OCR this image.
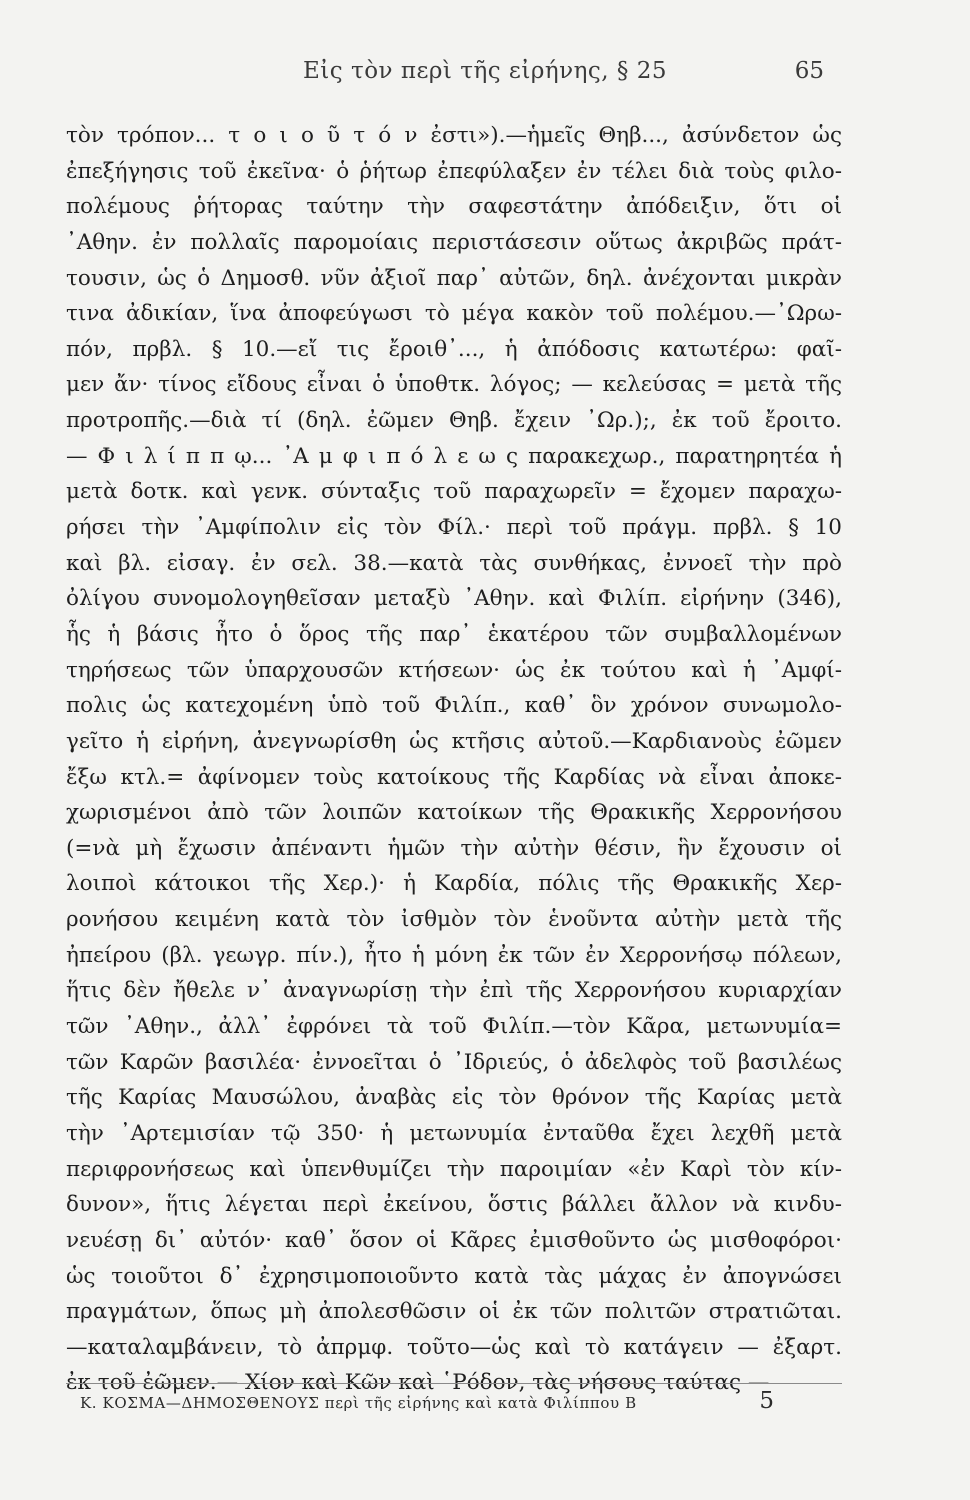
Εἰς τὸν περὶ τῆς εἰρήνης, § 25	65
τὸν τρόπον... τ ο ι ο ῦ τ ό ν ἐστι»).—ἡμεῖς Θηβ..., ἀσύνδετον ὡς
ἐπεξήγησις τοῦ ἐκεῖνα· ὁ ῥήτωρ ἐπεφύλαξεν ἐν τέλει διὰ τοὺς φιλο-
πολέμους ῥήτορας ταύτην τὴν σαφεστάτην ἀπόδειξιν, ὅτι οἱ
᾿Αθην. ἐν πολλαῖς παρομοίαις περιστάσεσιν οὕτως ἀκριβῶς πράτ-
τουσιν, ὡς ὁ Δημοσθ. νῦν ἀξιοῖ παρ᾿ αὐτῶν, δηλ. ἀνέχονται μικρὰν
τινα ἀδικίαν, ἵνα ἀποφεύγωσι τὸ μέγα κακὸν τοῦ πολέμου.—᾿Ωρω-
πόν, πρβλ. § 10.—εἴ τις ἔροιθ᾿..., ἡ ἀπόδοσις κατωτέρω: φαῖ-
μεν ἄν· τίνος εἴδους εἶναι ὁ ὑποθτκ. λόγος; — κελεύσας = μετὰ τῆς
προτροπῆς.—διὰ τί (δηλ. ἐῶμεν Θηβ. ἔχειν ᾿Ωρ.);, ἐκ τοῦ ἔροιτο.
— Φ ι λ ί π π ῳ... ᾿Α μ φ ι π ό λ ε ω ς παρακεχωρ., παρατηρητέα ἡ
μετὰ δοτκ. καὶ γενκ. σύνταξις τοῦ παραχωρεῖν = ἔχομεν παραχω-
ρήσει τὴν ᾿Αμφίπολιν εἰς τὸν Φίλ.· περὶ τοῦ πράγμ. πρβλ. § 10
καὶ βλ. εἰσαγ. ἐν σελ. 38.—κατὰ τὰς συνθήκας, ἐννοεῖ τὴν πρὸ
ὀλίγου συνομολογηθεῖσαν μεταξὺ ᾿Αθην. καὶ Φιλίπ. εἰρήνην (346),
ἧς ἡ βάσις ἦτο ὁ ὅρος τῆς παρ᾿ ἑκατέρου τῶν συμβαλλομένων
τηρήσεως τῶν ὑπαρχουσῶν κτήσεων· ὡς ἐκ τούτου καὶ ἡ ᾿Αμφί-
πολις ὡς κατεχομένη ὑπὸ τοῦ Φιλίπ., καθ᾿ ὃν χρόνον συνωμολο-
γεῖτο ἡ εἰρήνη, ἀνεγνωρίσθη ὡς κτῆσις αὐτοῦ.—Καρδιανοὺς ἐῶμεν
ἔξω κτλ.= ἀφίνομεν τοὺς κατοίκους τῆς Καρδίας νὰ εἶναι ἀποκε-
χωρισμένοι ἀπὸ τῶν λοιπῶν κατοίκων τῆς Θρακικῆς Χερρονήσου
(=νὰ μὴ ἔχωσιν ἀπέναντι ἡμῶν τὴν αὐτὴν θέσιν, ἣν ἔχουσιν οἱ
λοιποὶ κάτοικοι τῆς Χερ.)· ἡ Καρδία, πόλις τῆς Θρακικῆς Χερ-
ρονήσου κειμένη κατὰ τὸν ἰσθμὸν τὸν ἑνοῦντα αὐτὴν μετὰ τῆς
ἠπείρου (βλ. γεωγρ. πίν.), ἦτο ἡ μόνη ἐκ τῶν ἐν Χερρονήσῳ πόλεων,
ἥτις δὲν ἤθελε ν᾿ ἀναγνωρίσῃ τὴν ἐπὶ τῆς Χερρονήσου κυριαρχίαν
τῶν ᾿Αθην., ἀλλ᾿ ἐφρόνει τὰ τοῦ Φιλίπ.—τὸν Κᾶρα, μετωνυμία=
τῶν Καρῶν βασιλέα· ἐννοεῖται ὁ ᾿Ιδριεύς, ὁ ἀδελφὸς τοῦ βασιλέως
τῆς Καρίας Μαυσώλου, ἀναβὰς εἰς τὸν θρόνον τῆς Καρίας μετὰ
τὴν ᾿Αρτεμισίαν τῷ 350· ἡ μετωνυμία ἐνταῦθα ἔχει λεχθῆ μετὰ
περιφρονήσεως καὶ ὑπενθυμίζει τὴν παροιμίαν «ἐν Καρὶ τὸν κίν-
δυνον», ἥτις λέγεται περὶ ἐκείνου, ὅστις βάλλει ἄλλον νὰ κινδυ-
νευέσῃ δι᾿ αὐτόν· καθ᾿ ὅσον οἱ Κᾶρες ἐμισθοῦντο ὡς μισθοφόροι·
ὡς τοιοῦτοι δ᾿ ἐχρησιμοποιοῦντο κατὰ τὰς μάχας ἐν ἀπογνώσει
πραγμάτων, ὅπως μὴ ἀπολεσθῶσιν οἱ ἐκ τῶν πολιτῶν στρατιῶται.
—καταλαμβάνειν, τὸ ἀπρμφ. τοῦτο—ὡς καὶ τὸ κατάγειν — ἐξαρτ.
ἐκ τοῦ ἐῶμεν.— Χίον καὶ Κῶν καὶ ῾Ρόδον, τὰς νήσους ταύτας —
Κ. ΚΟΣΜΑ—ΔΗΜΟΣΘΕΝΟΥΣ περὶ τῆς εἰρήνης καὶ κατὰ Φιλίππου Β	5
